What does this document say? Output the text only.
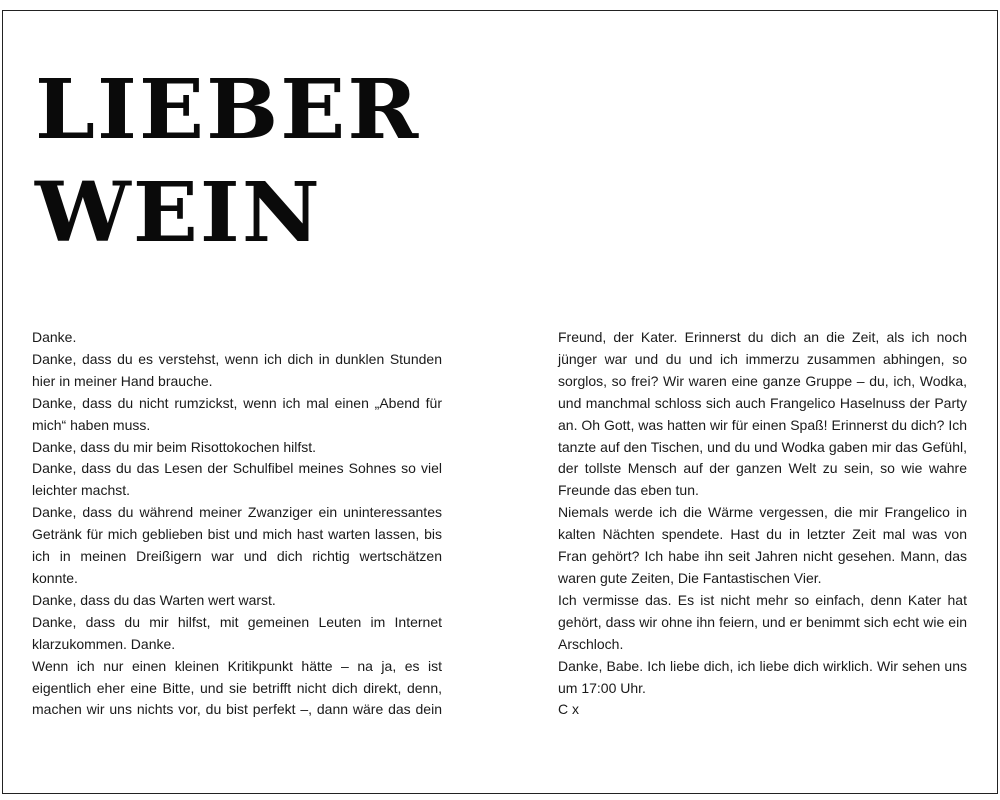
LIEBER
WEIN

Danke.

Danke, dass du es verstehst, wenn ich dich in dunklen Stunden hier in meiner Hand brauche.

Danke, dass du nicht rumzickst, wenn ich mal einen „Abend für mich“ haben muss.

Danke, dass du mir beim Risottokochen hilfst.

Danke, dass du das Lesen der Schulfibel meines Sohnes so viel leichter machst.

Danke, dass du während meiner Zwanziger ein uninteressantes Getränk für mich geblieben bist und mich hast warten lassen, bis ich in meinen Dreißigern war und dich richtig wertschätzen konnte.

Danke, dass du das Warten wert warst.

Danke, dass du mir hilfst, mit gemeinen Leuten im Internet klarzukommen. Danke.

Wenn ich nur einen kleinen Kritikpunkt hätte – na ja, es ist eigentlich eher eine Bitte, und sie betrifft nicht dich direkt, denn, machen wir uns nichts vor, du bist perfekt –, dann wäre das dein

Freund, der Kater. Erinnerst du dich an die Zeit, als ich noch jünger war und du und ich immerzu zusammen abhingen, so sorglos, so frei? Wir waren eine ganze Gruppe – du, ich, Wodka, und manchmal schloss sich auch Frangelico Haselnuss der Party an. Oh Gott, was hatten wir für einen Spaß! Erinnerst du dich? Ich tanzte auf den Tischen, und du und Wodka gaben mir das Gefühl, der tollste Mensch auf der ganzen Welt zu sein, so wie wahre Freunde das eben tun.

Niemals werde ich die Wärme vergessen, die mir Frangelico in kalten Nächten spendete. Hast du in letzter Zeit mal was von Fran gehört? Ich habe ihn seit Jahren nicht gesehen. Mann, das waren gute Zeiten, Die Fantastischen Vier.

Ich vermisse das. Es ist nicht mehr so einfach, denn Kater hat gehört, dass wir ohne ihn feiern, und er benimmt sich echt wie ein Arschloch.

Danke, Babe. Ich liebe dich, ich liebe dich wirklich. Wir sehen uns um 17:00 Uhr.

C x
